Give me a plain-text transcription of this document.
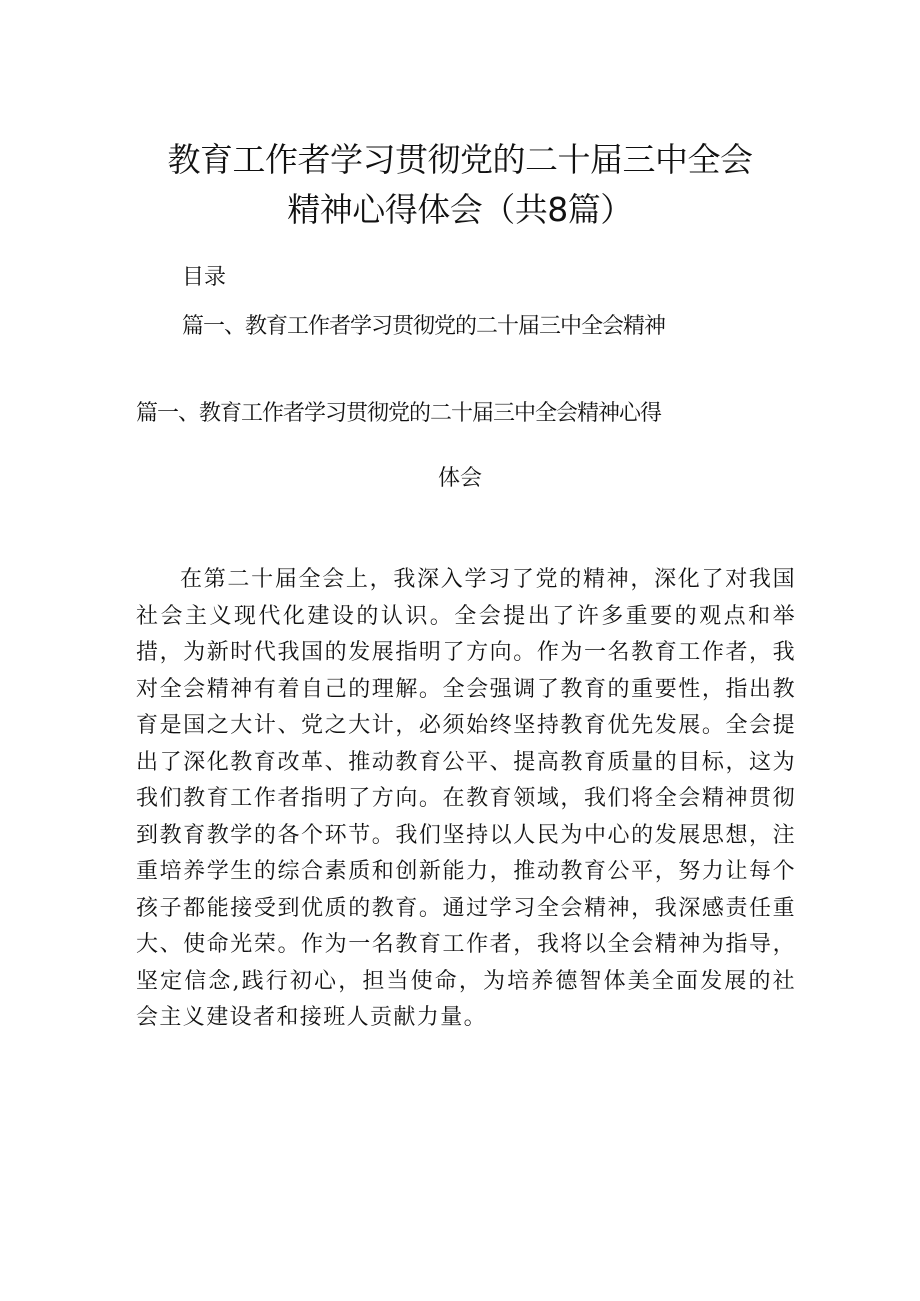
教育工作者学习贯彻党的二十届三中全会
精神心得体会（共8篇）
目录
篇一、教育工作者学习贯彻党的二十届三中全会精神
篇一、教育工作者学习贯彻党的二十届三中全会精神心得
体会

在第二十届全会上，我深入学习了党的精神，深化了对我国社会主义现代化建设的认识。全会提出了许多重要的观点和举措，为新时代我国的发展指明了方向。作为一名教育工作者，我对全会精神有着自己的理解。全会强调了教育的重要性，指出教育是国之大计、党之大计，必须始终坚持教育优先发展。全会提出了深化教育改革、推动教育公平、提高教育质量的目标，这为我们教育工作者指明了方向。在教育领域，我们将全会精神贯彻到教育教学的各个环节。我们坚持以人民为中心的发展思想，注重培养学生的综合素质和创新能力，推动教育公平，努力让每个孩子都能接受到优质的教育。通过学习全会精神，我深感责任重大、使命光荣。作为一名教育工作者，我将以全会精神为指导，坚定信念,践行初心，担当使命，为培养德智体美全面发展的社会主义建设者和接班人贡献力量。
